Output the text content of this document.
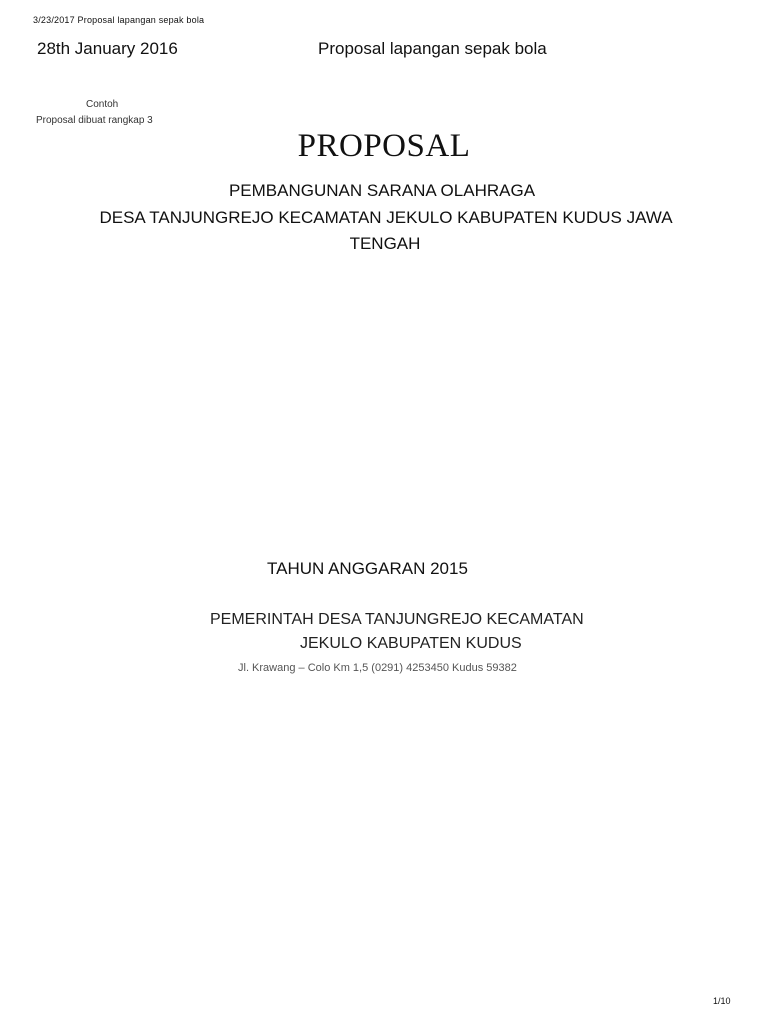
3/23/2017 Proposal lapangan sepak bola
28th January 2016	Proposal lapangan sepak bola
Contoh
Proposal dibuat rangkap 3
PROPOSAL
PEMBANGUNAN SARANA OLAHRAGA
DESA TANJUNGREJO KECAMATAN JEKULO KABUPATEN KUDUS JAWA
TENGAH
TAHUN ANGGARAN 2015
PEMERINTAH DESA TANJUNGREJO KECAMATAN
JEKULO KABUPATEN KUDUS
Jl. Krawang – Colo Km 1,5 (0291) 4253450 Kudus 59382
1/10
